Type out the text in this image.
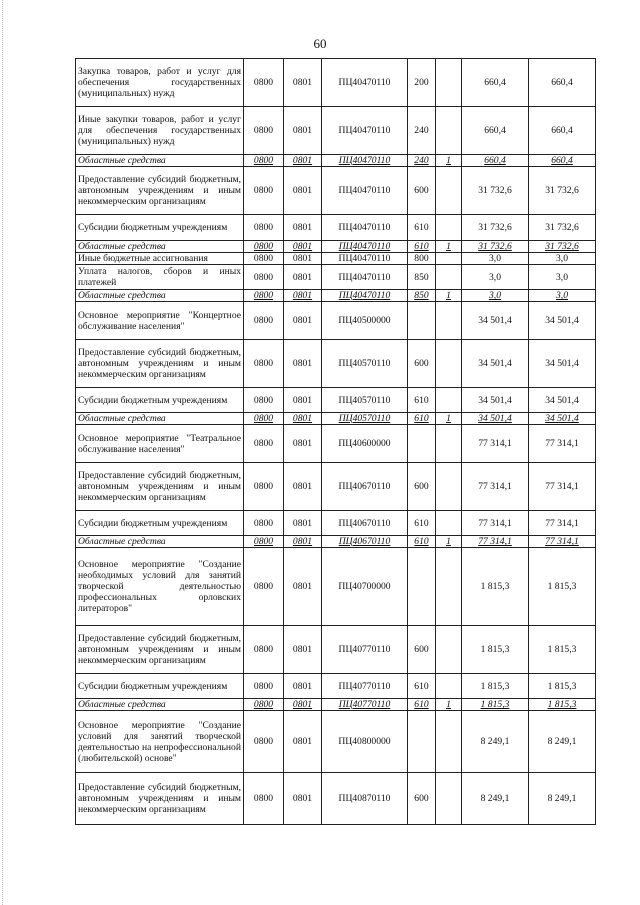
60
Закупка товаров, работ и услуг для обеспечения государственных (муниципальных) нужд	0800	0801	ПЦ40470110	200		660,4	660,4
Иные закупки товаров, работ и услуг для обеспечения государственных (муниципальных) нужд	0800	0801	ПЦ40470110	240		660,4	660,4
Областные средства	0800	0801	ПЦ40470110	240	1	660,4	660,4
Предоставление субсидий бюджетным, автономным учреждениям и иным некоммерческим организациям	0800	0801	ПЦ40470110	600		31 732,6	31 732,6
Субсидии бюджетным учреждениям	0800	0801	ПЦ40470110	610		31 732,6	31 732,6
Областные средства	0800	0801	ПЦ40470110	610	1	31 732,6	31 732,6
Иные бюджетные ассигнования	0800	0801	ПЦ40470110	800		3,0	3,0
Уплата налогов, сборов и иных платежей	0800	0801	ПЦ40470110	850		3,0	3,0
Областные средства	0800	0801	ПЦ40470110	850	1	3,0	3,0
Основное мероприятие "Концертное обслуживание населения"	0800	0801	ПЦ40500000			34 501,4	34 501,4
Предоставление субсидий бюджетным, автономным учреждениям и иным некоммерческим организациям	0800	0801	ПЦ40570110	600		34 501,4	34 501,4
Субсидии бюджетным учреждениям	0800	0801	ПЦ40570110	610		34 501,4	34 501,4
Областные средства	0800	0801	ПЦ40570110	610	1	34 501,4	34 501,4
Основное мероприятие "Театральное обслуживание населения"	0800	0801	ПЦ40600000			77 314,1	77 314,1
Предоставление субсидий бюджетным, автономным учреждениям и иным некоммерческим организациям	0800	0801	ПЦ40670110	600		77 314,1	77 314,1
Субсидии бюджетным учреждениям	0800	0801	ПЦ40670110	610		77 314,1	77 314,1
Областные средства	0800	0801	ПЦ40670110	610	1	77 314,1	77 314,1
Основное мероприятие "Создание необходимых условий для занятий творческой деятельностью профессиональных орловских литераторов"	0800	0801	ПЦ40700000			1 815,3	1 815,3
Предоставление субсидий бюджетным, автономным учреждениям и иным некоммерческим организациям	0800	0801	ПЦ40770110	600		1 815,3	1 815,3
Субсидии бюджетным учреждениям	0800	0801	ПЦ40770110	610		1 815,3	1 815,3
Областные средства	0800	0801	ПЦ40770110	610	1	1 815,3	1 815,3
Основное мероприятие "Создание условий для занятий творческой деятельностью на непрофессиональной (любительской) основе"	0800	0801	ПЦ40800000			8 249,1	8 249,1
Предоставление субсидий бюджетным, автономным учреждениям и иным некоммерческим организациям	0800	0801	ПЦ40870110	600		8 249,1	8 249,1
